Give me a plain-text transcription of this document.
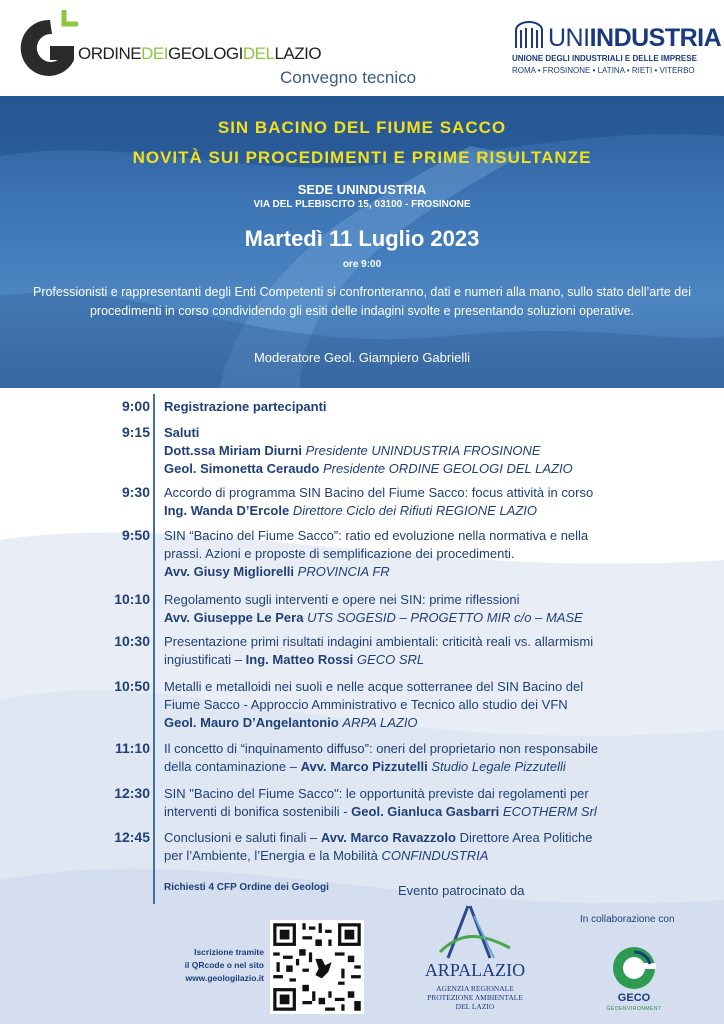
ORDINEDEIGEOLOGIDELLAZIO
Convegno tecnico
UNIINDUSTRIA
UNIONE DEGLI INDUSTRIALI E DELLE IMPRESE
ROMA • FROSINONE • LATINA • RIETI • VITERBO
SIN BACINO DEL FIUME SACCO
NOVITÀ SUI PROCEDIMENTI E PRIME RISULTANZE
SEDE UNINDUSTRIA
VIA DEL PLEBISCITO 15, 03100 - FROSINONE
Martedì 11 Luglio 2023
ore 9:00
Professionisti e rappresentanti degli Enti Competenti si confronteranno, dati e numeri alla mano, sullo stato dell’arte dei procedimenti in corso condividendo gli esiti delle indagini svolte e presentando soluzioni operative.
Moderatore Geol. Giampiero Gabrielli
9:00 Registrazione partecipanti
9:15 Saluti
Dott.ssa Miriam Diurni Presidente UNINDUSTRIA FROSINONE
Geol. Simonetta Ceraudo Presidente ORDINE GEOLOGI DEL LAZIO
9:30 Accordo di programma SIN Bacino del Fiume Sacco: focus attività in corso
Ing. Wanda D’Ercole Direttore Ciclo dei Rifiuti REGIONE LAZIO
9:50 SIN “Bacino del Fiume Sacco”: ratio ed evoluzione nella normativa e nella
prassi. Azioni e proposte di semplificazione dei procedimenti.
Avv. Giusy Migliorelli PROVINCIA FR
10:10 Regolamento sugli interventi e opere nei SIN: prime riflessioni
Avv. Giuseppe Le Pera UTS SOGESID – PROGETTO MIR c/o – MASE
10:30 Presentazione primi risultati indagini ambientali: criticità reali vs. allarmismi
ingiustificati – Ing. Matteo Rossi GECO SRL
10:50 Metalli e metalloidi nei suoli e nelle acque sotterranee del SIN Bacino del
Fiume Sacco - Approccio Amministrativo e Tecnico allo studio dei VFN
Geol. Mauro D’Angelantonio ARPA LAZIO
11:10 Il concetto di “inquinamento diffuso”: oneri del proprietario non responsabile
della contaminazione – Avv. Marco Pizzutelli Studio Legale Pizzutelli
12:30 SIN "Bacino del Fiume Sacco": le opportunità previste dai regolamenti per
interventi di bonifica sostenibili - Geol. Gianluca Gasbarri ECOTHERM Srl
12:45 Conclusioni e saluti finali – Avv. Marco Ravazzolo Direttore Area Politiche
per l’Ambiente, l’Energia e la Mobilità CONFINDUSTRIA
Richiesti 4 CFP Ordine dei Geologi
Iscrizione tramite
il QRcode o nel sito
www.geologilazio.it
Evento patrocinato da
ARPALAZIO
AGENZIA REGIONALE
PROTEZIONE AMBIENTALE
DEL LAZIO
In collaborazione con
GECO
GEOENVIRONMENT
